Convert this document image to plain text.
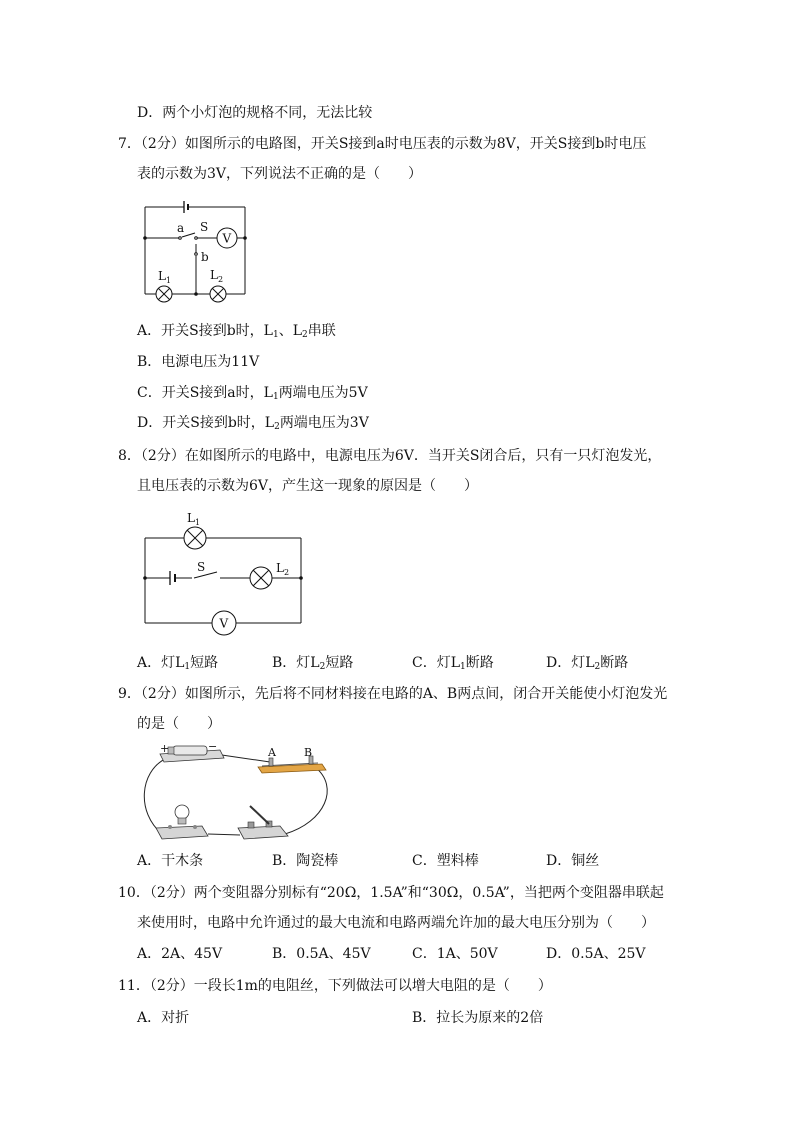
D．两个小灯泡的规格不同，无法比较
7．（2分）如图所示的电路图，开关S接到a时电压表的示数为8V，开关S接到b时电压
表的示数为3V，下列说法不正确的是（　　）
a S
V
b
$L_1$	$L_2$
A．开关S接到b时，$L_1$、$L_2$串联
B．电源电压为11V
C．开关S接到a时，$L_1$两端电压为5V
D．开关S接到b时，$L_2$两端电压为3V
8．（2分）在如图所示的电路中，电源电压为6V．当开关S闭合后，只有一只灯泡发光，
且电压表的示数为6V，产生这一现象的原因是（　　）
$L_1$
S	$L_2$
V
A．灯$L_1$短路	B．灯$L_2$短路	C．灯$L_1$断路	D．灯$L_2$断路
9．（2分）如图所示，先后将不同材料接在电路的A、B两点间，闭合开关能使小灯泡发光
的是（　　）
+	−	A	B
A．干木条	B．陶瓷棒	C．塑料棒	D．铜丝
10．（2分）两个变阻器分别标有“20Ω，1.5A”和“30Ω，0.5A”，当把两个变阻器串联起
来使用时，电路中允许通过的最大电流和电路两端允许加的最大电压分别为（　　）
A．2A、45V	B．0.5A、45V	C．1A、50V	D．0.5A、25V
11．（2分）一段长1m的电阻丝，下列做法可以增大电阻的是（　　）
A．对折	B．拉长为原来的2倍
